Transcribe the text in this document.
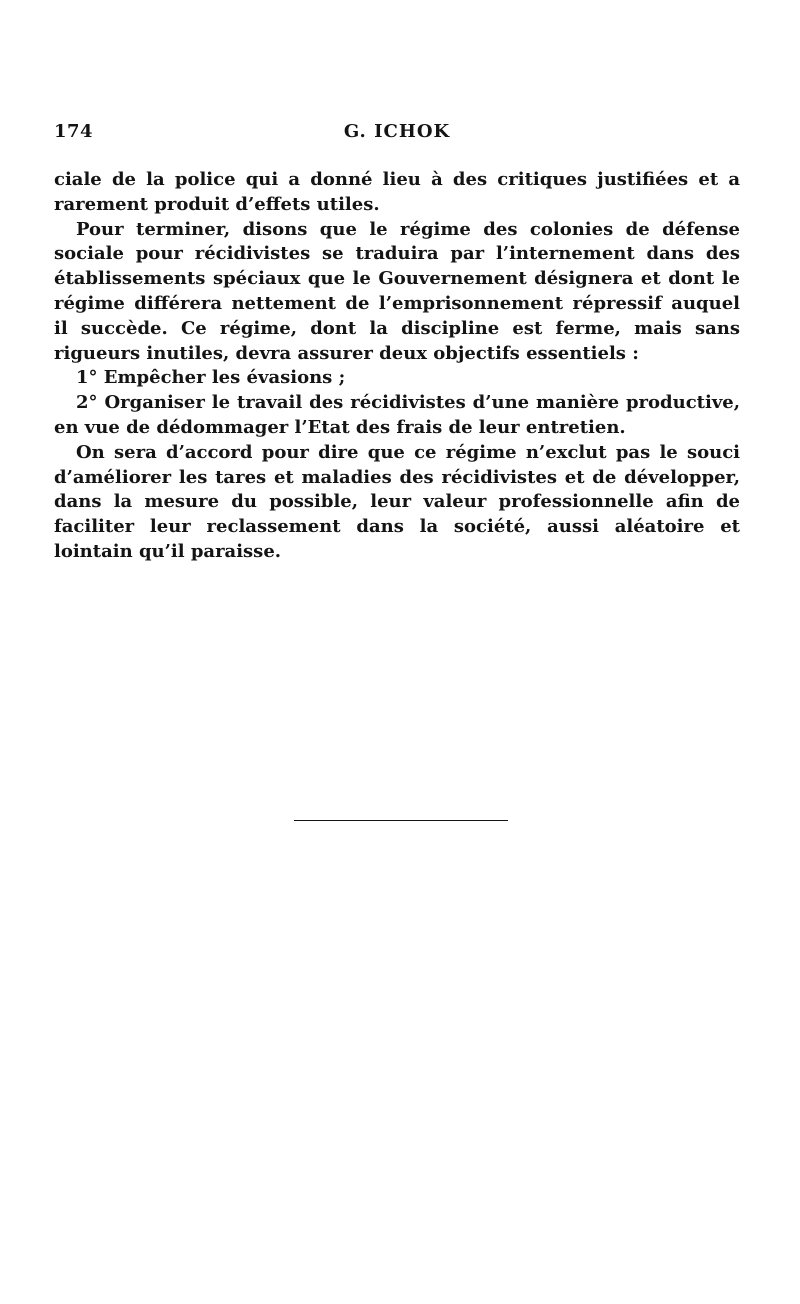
174	G. ICHOK

ciale de la police qui a donné lieu à des critiques justifiées et a rarement produit d’effets utiles.

Pour terminer, disons que le régime des colonies de défense sociale pour récidivistes se traduira par l’internement dans des établissements spéciaux que le Gouvernement désignera et dont le régime différera nettement de l’emprisonnement répressif auquel il succède. Ce régime, dont la discipline est ferme, mais sans rigueurs inutiles, devra assurer deux objectifs essentiels :

1° Empêcher les évasions ;

2° Organiser le travail des récidivistes d’une manière productive, en vue de dédommager l’Etat des frais de leur entretien.

On sera d’accord pour dire que ce régime n’exclut pas le souci d’améliorer les tares et maladies des récidivistes et de développer, dans la mesure du possible, leur valeur professionnelle afin de faciliter leur reclassement dans la société, aussi aléatoire et lointain qu’il paraisse.
